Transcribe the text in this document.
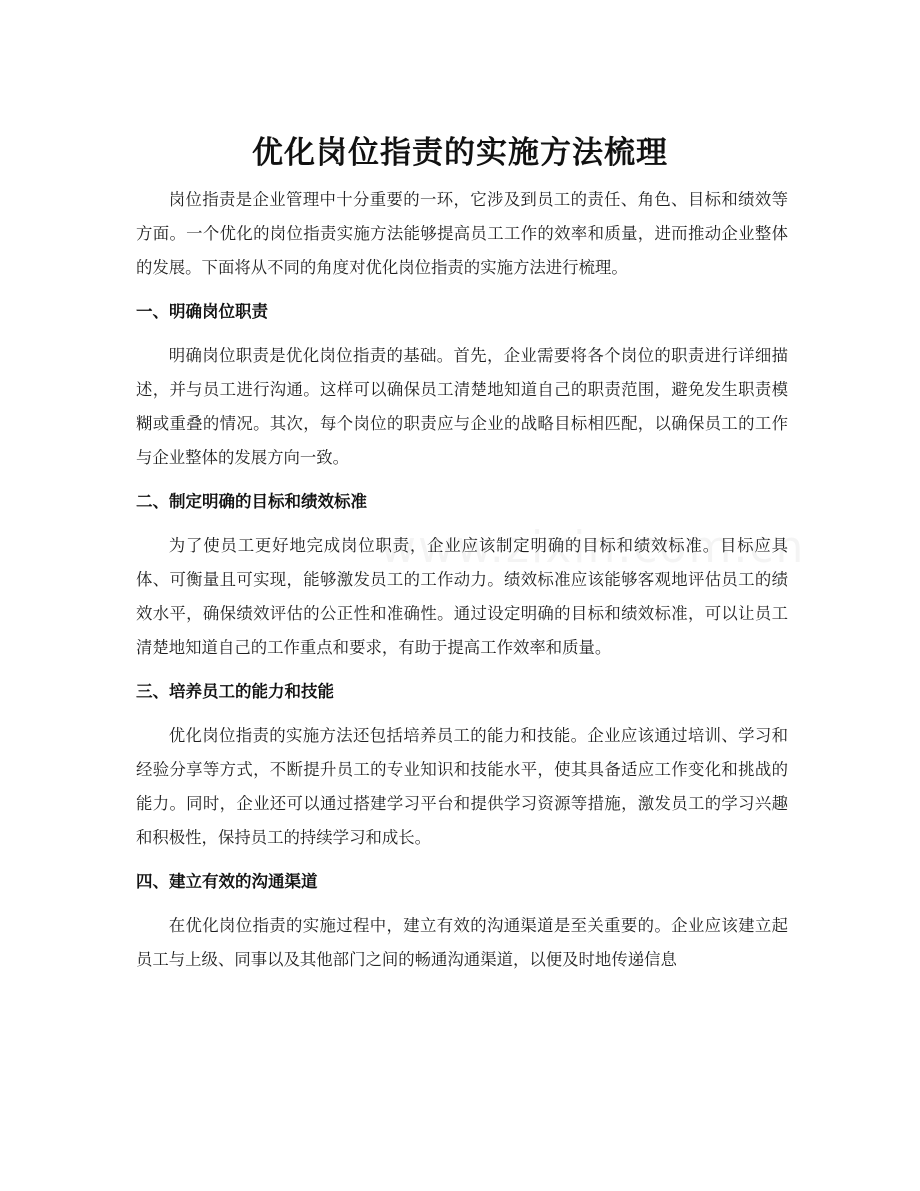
优化岗位指责的实施方法梳理

岗位指责是企业管理中十分重要的一环，它涉及到员工的责任、角色、目标和绩效等方面。一个优化的岗位指责实施方法能够提高员工工作的效率和质量，进而推动企业整体的发展。下面将从不同的角度对优化岗位指责的实施方法进行梳理。

一、明确岗位职责

明确岗位职责是优化岗位指责的基础。首先，企业需要将各个岗位的职责进行详细描述，并与员工进行沟通。这样可以确保员工清楚地知道自己的职责范围，避免发生职责模糊或重叠的情况。其次，每个岗位的职责应与企业的战略目标相匹配，以确保员工的工作与企业整体的发展方向一致。

二、制定明确的目标和绩效标准

为了使员工更好地完成岗位职责，企业应该制定明确的目标和绩效标准。目标应具体、可衡量且可实现，能够激发员工的工作动力。绩效标准应该能够客观地评估员工的绩效水平，确保绩效评估的公正性和准确性。通过设定明确的目标和绩效标准，可以让员工清楚地知道自己的工作重点和要求，有助于提高工作效率和质量。

三、培养员工的能力和技能

优化岗位指责的实施方法还包括培养员工的能力和技能。企业应该通过培训、学习和经验分享等方式，不断提升员工的专业知识和技能水平，使其具备适应工作变化和挑战的能力。同时，企业还可以通过搭建学习平台和提供学习资源等措施，激发员工的学习兴趣和积极性，保持员工的持续学习和成长。

四、建立有效的沟通渠道

在优化岗位指责的实施过程中，建立有效的沟通渠道是至关重要的。企业应该建立起员工与上级、同事以及其他部门之间的畅通沟通渠道，以便及时地传递信息
